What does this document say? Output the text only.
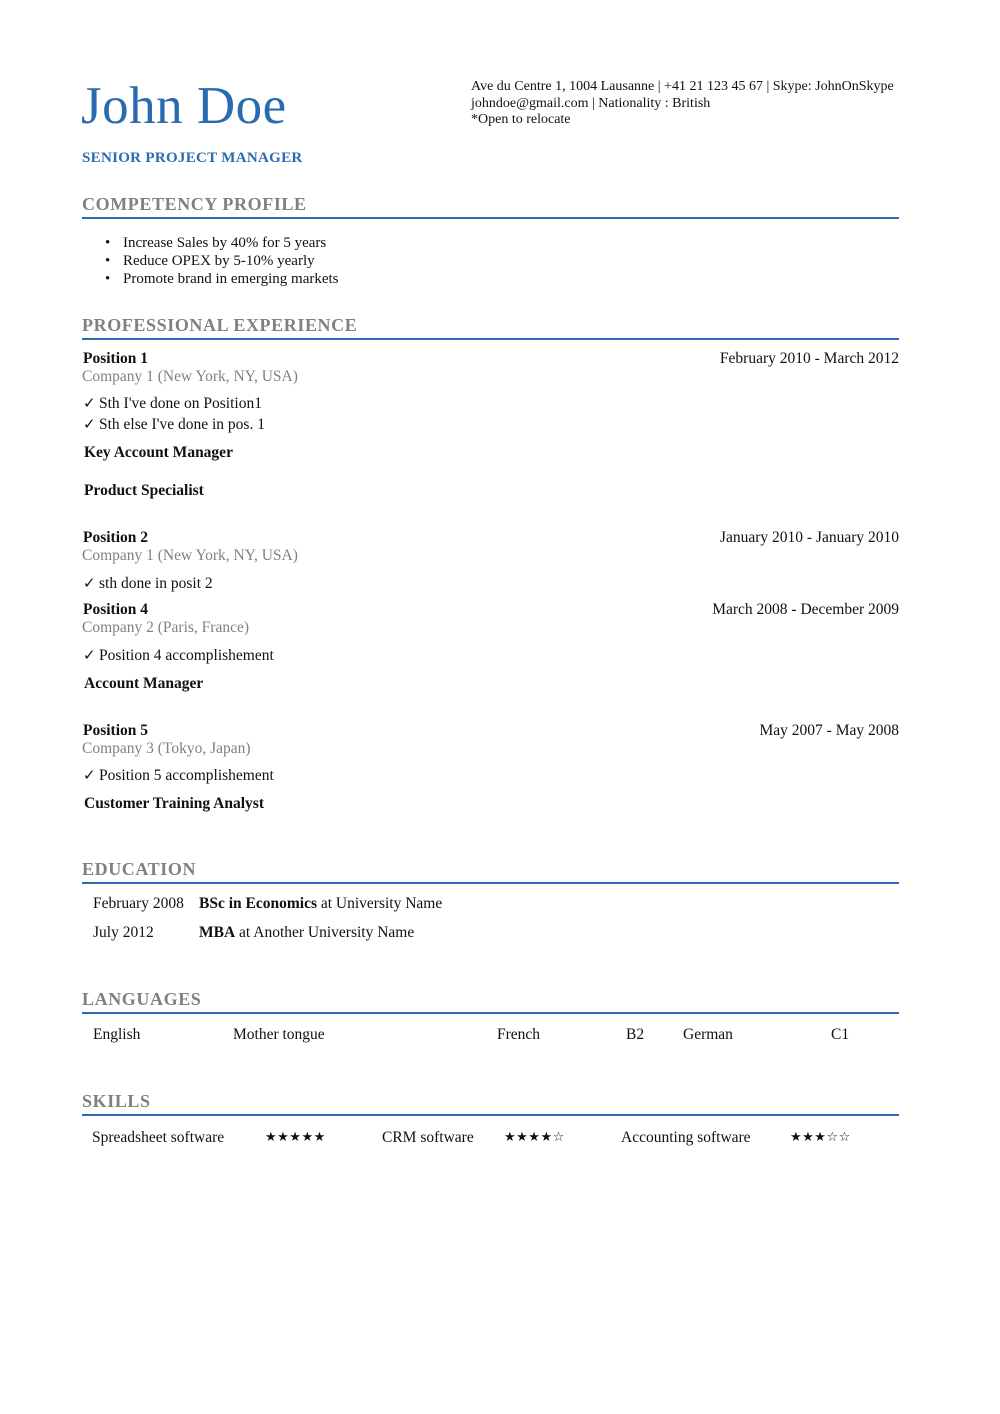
John Doe
SENIOR PROJECT MANAGER
Ave du Centre 1, 1004 Lausanne | +41 21 123 45 67 | Skype: JohnOnSkype
johndoe@gmail.com | Nationality : British
*Open to relocate
COMPETENCY PROFILE
• Increase Sales by 40% for 5 years
• Reduce OPEX by 5-10% yearly
• Promote brand in emerging markets
PROFESSIONAL EXPERIENCE
Position 1	February 2010 - March 2012
Company 1 (New York, NY, USA)
✓ Sth I've done on Position1
✓ Sth else I've done in pos. 1
Key Account Manager
Product Specialist
Position 2	January 2010 - January 2010
Company 1 (New York, NY, USA)
✓ sth done in posit 2
Position 4	March 2008 - December 2009
Company 2 (Paris, France)
✓ Position 4 accomplishement
Account Manager
Position 5	May 2007 - May 2008
Company 3 (Tokyo, Japan)
✓ Position 5 accomplishement
Customer Training Analyst
EDUCATION
February 2008 BSc in Economics at University Name
July 2012	MBA at Another University Name
LANGUAGES
English	Mother tongue	French	B2	German	C1
SKILLS
Spreadsheet software	★★★★★	CRM software ★★★★☆	Accounting software	★★★☆☆
